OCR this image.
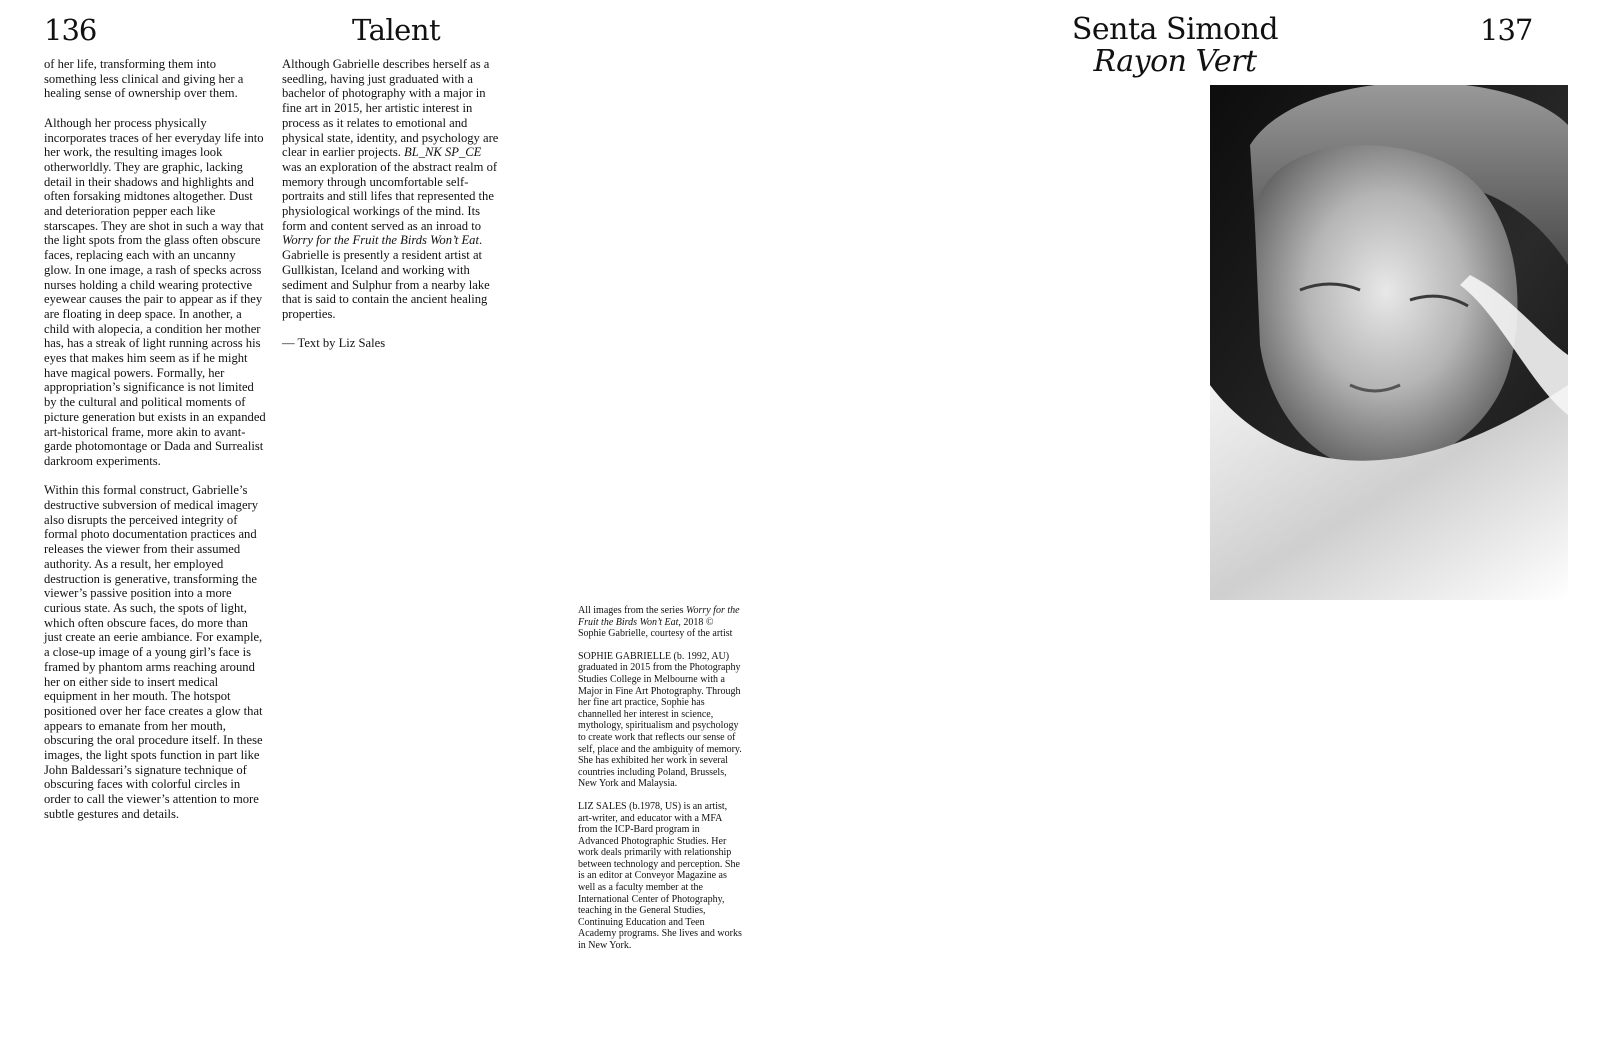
136	Talent	Senta Simond
Rayon Vert
137

of her life, transforming them into something less clinical and giving her a healing sense of ownership over them.

Although her process physically incorporates traces of her everyday life into her work, the resulting images look otherworldly. They are graphic, lacking detail in their shadows and highlights and often forsaking midtones altogether. Dust and deterioration pepper each like starscapes. They are shot in such a way that the light spots from the glass often obscure faces, replacing each with an uncanny glow. In one image, a rash of specks across nurses holding a child wearing protective eyewear causes the pair to appear as if they are floating in deep space. In another, a child with alopecia, a condition her mother has, has a streak of light running across his eyes that makes him seem as if he might have magical powers. Formally, her appropriation’s significance is not limited by the cultural and political moments of picture generation but exists in an expanded art-historical frame, more akin to avant-garde photomontage or Dada and Surrealist darkroom experiments.

Within this formal construct, Gabrielle’s destructive subversion of medical imagery also disrupts the perceived integrity of formal photo documentation practices and releases the viewer from their assumed authority. As a result, her employed destruction is generative, transforming the viewer’s passive position into a more curious state. As such, the spots of light, which often obscure faces, do more than just create an eerie ambiance. For example, a close-up image of a young girl’s face is framed by phantom arms reaching around her on either side to insert medical equipment in her mouth. The hotspot positioned over her face creates a glow that appears to emanate from her mouth, obscuring the oral procedure itself. In these images, the light spots function in part like John Baldessari’s signature technique of obscuring faces with colorful circles in order to call the viewer’s attention to more subtle gestures and details.

Although Gabrielle describes herself as a seedling, having just graduated with a bachelor of photography with a major in fine art in 2015, her artistic interest in process as it relates to emotional and physical state, identity, and psychology are clear in earlier projects. BL_NK SP_CE was an exploration of the abstract realm of memory through uncomfortable self-portraits and still lifes that represented the physiological workings of the mind. Its form and content served as an inroad to Worry for the Fruit the Birds Won’t Eat. Gabrielle is presently a resident artist at Gullkistan, Iceland and working with sediment and Sulphur from a nearby lake that is said to contain the ancient healing properties.

— Text by Liz Sales

All images from the series Worry for the Fruit the Birds Won’t Eat, 2018 © Sophie Gabrielle, courtesy of the artist

SOPHIE GABRIELLE (b. 1992, AU) graduated in 2015 from the Photography Studies College in Melbourne with a Major in Fine Art Photography. Through her fine art practice, Sophie has channelled her interest in science, mythology, spiritualism and psychology to create work that reflects our sense of self, place and the ambiguity of memory. She has exhibited her work in several countries including Poland, Brussels, New York and Malaysia.

LIZ SALES (b.1978, US) is an artist, art-writer, and educator with a MFA from the ICP-Bard program in Advanced Photographic Studies. Her work deals primarily with relationship between technology and perception. She is an editor at Conveyor Magazine as well as a faculty member at the International Center of Photography, teaching in the General Studies, Continuing Education and Teen Academy programs. She lives and works in New York.
